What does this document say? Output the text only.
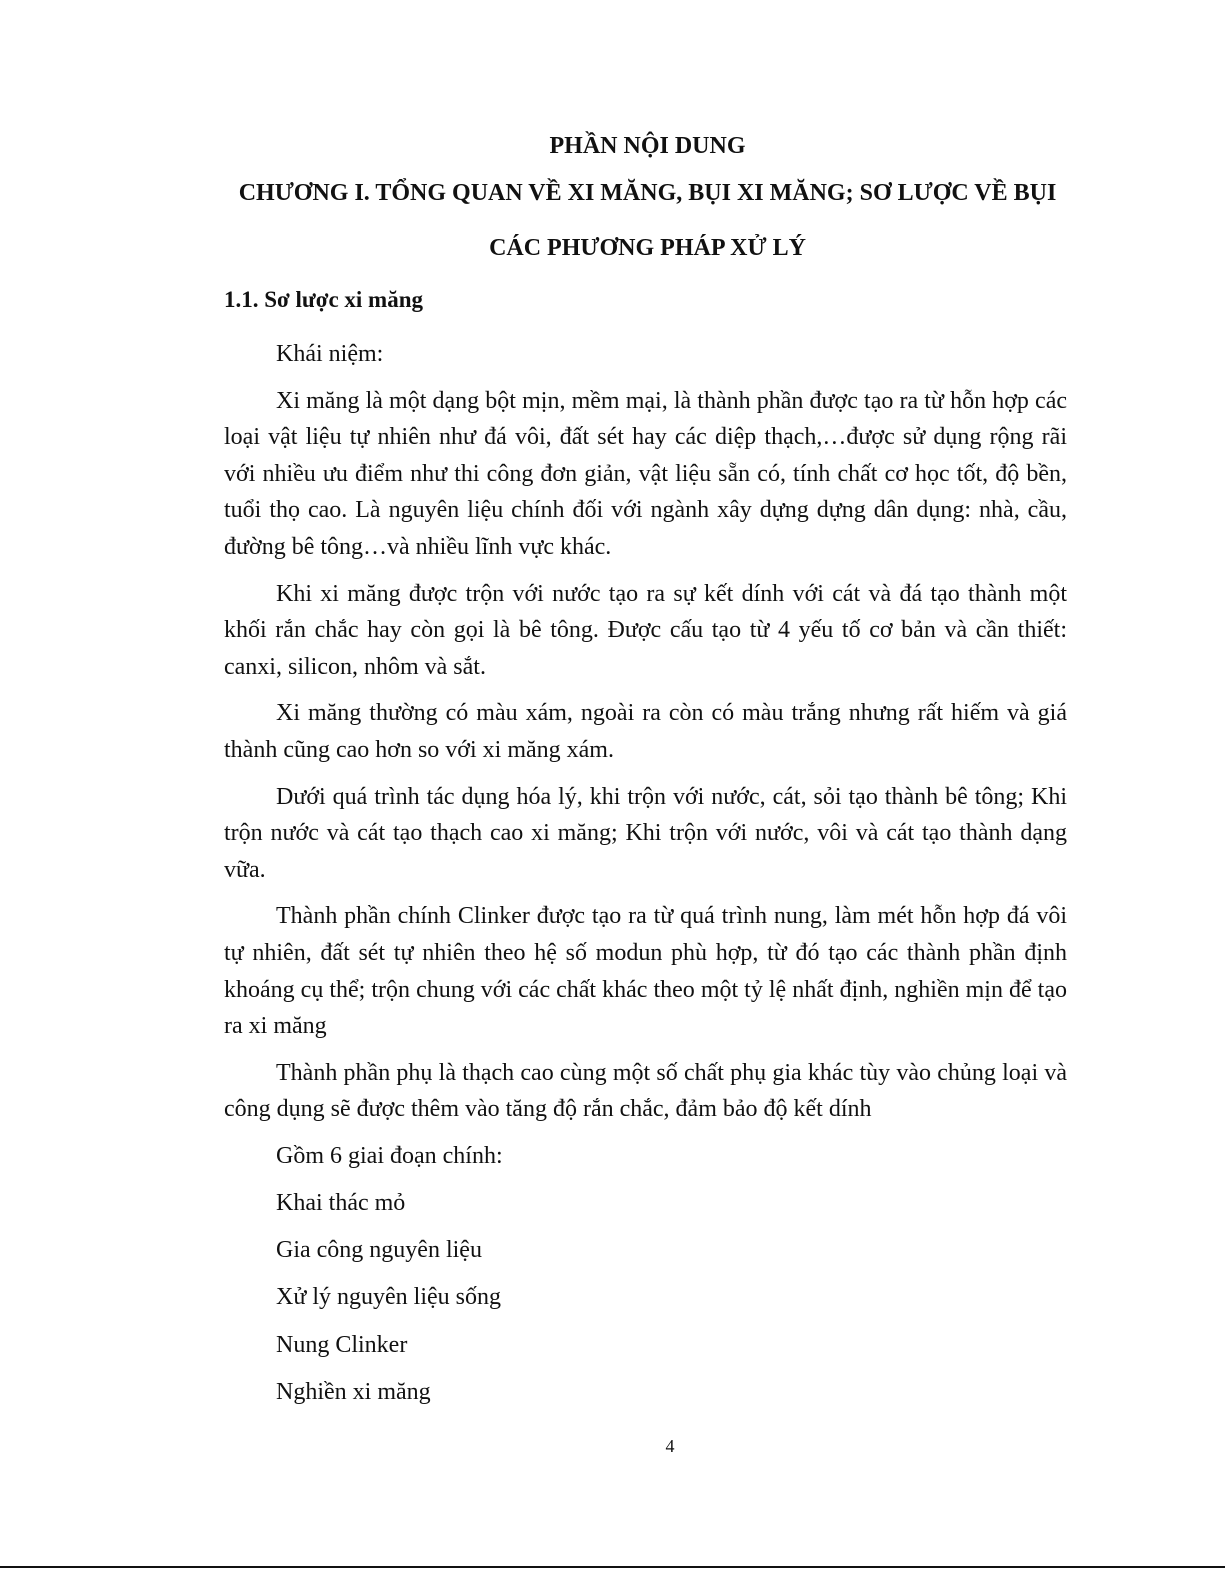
PHẦN NỘI DUNG
CHƯƠNG I. TỔNG QUAN VỀ XI MĂNG, BỤI XI MĂNG; SƠ LƯỢC VỀ BỤI
CÁC PHƯƠNG PHÁP XỬ LÝ
1.1. Sơ lược xi măng

Khái niệm:

Xi măng là một dạng bột mịn, mềm mại, là thành phần được tạo ra từ hỗn hợp các loại vật liệu tự nhiên như đá vôi, đất sét hay các diệp thạch,…được sử dụng rộng rãi với nhiều ưu điểm như thi công đơn giản, vật liệu sẵn có, tính chất cơ học tốt, độ bền, tuổi thọ cao. Là nguyên liệu chính đối với ngành xây dựng dựng dân dụng: nhà, cầu, đường bê tông…và nhiều lĩnh vực khác.

Khi xi măng được trộn với nước tạo ra sự kết dính với cát và đá tạo thành một khối rắn chắc hay còn gọi là bê tông. Được cấu tạo từ 4 yếu tố cơ bản và cần thiết: canxi, silicon, nhôm và sắt.

Xi măng thường có màu xám, ngoài ra còn có màu trắng nhưng rất hiếm và giá thành cũng cao hơn so với xi măng xám.

Dưới quá trình tác dụng hóa lý, khi trộn với nước, cát, sỏi tạo thành bê tông; Khi trộn nước và cát tạo thạch cao xi măng; Khi trộn với nước, vôi và cát tạo thành dạng vữa.

Thành phần chính Clinker được tạo ra từ quá trình nung, làm mét hỗn hợp đá vôi tự nhiên, đất sét tự nhiên theo hệ số modun phù hợp, từ đó tạo các thành phần định khoáng cụ thể; trộn chung với các chất khác theo một tỷ lệ nhất định, nghiền mịn để tạo ra xi măng

Thành phần phụ là thạch cao cùng một số chất phụ gia khác tùy vào chủng loại và công dụng sẽ được thêm vào tăng độ rắn chắc, đảm bảo độ kết dính

Gồm 6 giai đoạn chính:

Khai thác mỏ

Gia công nguyên liệu

Xử lý nguyên liệu sống

Nung Clinker

Nghiền xi măng

4
